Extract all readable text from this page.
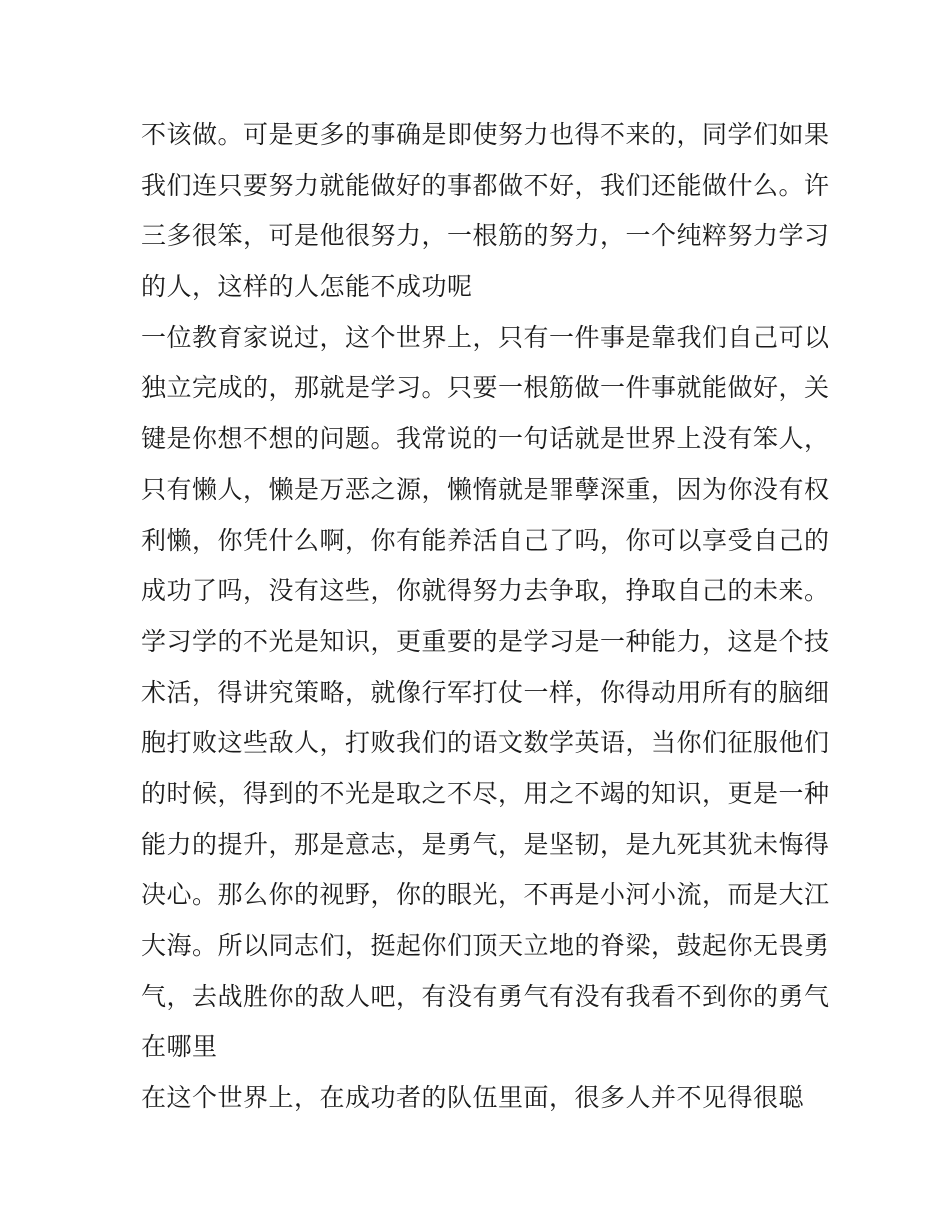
不该做。可是更多的事确是即使努力也得不来的，同学们如果
我们连只要努力就能做好的事都做不好，我们还能做什么。许
三多很笨，可是他很努力，一根筋的努力，一个纯粹努力学习
的人，这样的人怎能不成功呢
一位教育家说过，这个世界上，只有一件事是靠我们自己可以
独立完成的，那就是学习。只要一根筋做一件事就能做好，关
键是你想不想的问题。我常说的一句话就是世界上没有笨人，
只有懒人，懒是万恶之源，懒惰就是罪孽深重，因为你没有权
利懒，你凭什么啊，你有能养活自己了吗，你可以享受自己的
成功了吗，没有这些，你就得努力去争取，挣取自己的未来。
学习学的不光是知识，更重要的是学习是一种能力，这是个技
术活，得讲究策略，就像行军打仗一样，你得动用所有的脑细
胞打败这些敌人，打败我们的语文数学英语，当你们征服他们
的时候，得到的不光是取之不尽，用之不竭的知识，更是一种
能力的提升，那是意志，是勇气，是坚韧，是九死其犹未悔得
决心。那么你的视野，你的眼光，不再是小河小流，而是大江
大海。所以同志们，挺起你们顶天立地的脊梁，鼓起你无畏勇
气，去战胜你的敌人吧，有没有勇气有没有我看不到你的勇气
在哪里
在这个世界上，在成功者的队伍里面，很多人并不见得很聪
